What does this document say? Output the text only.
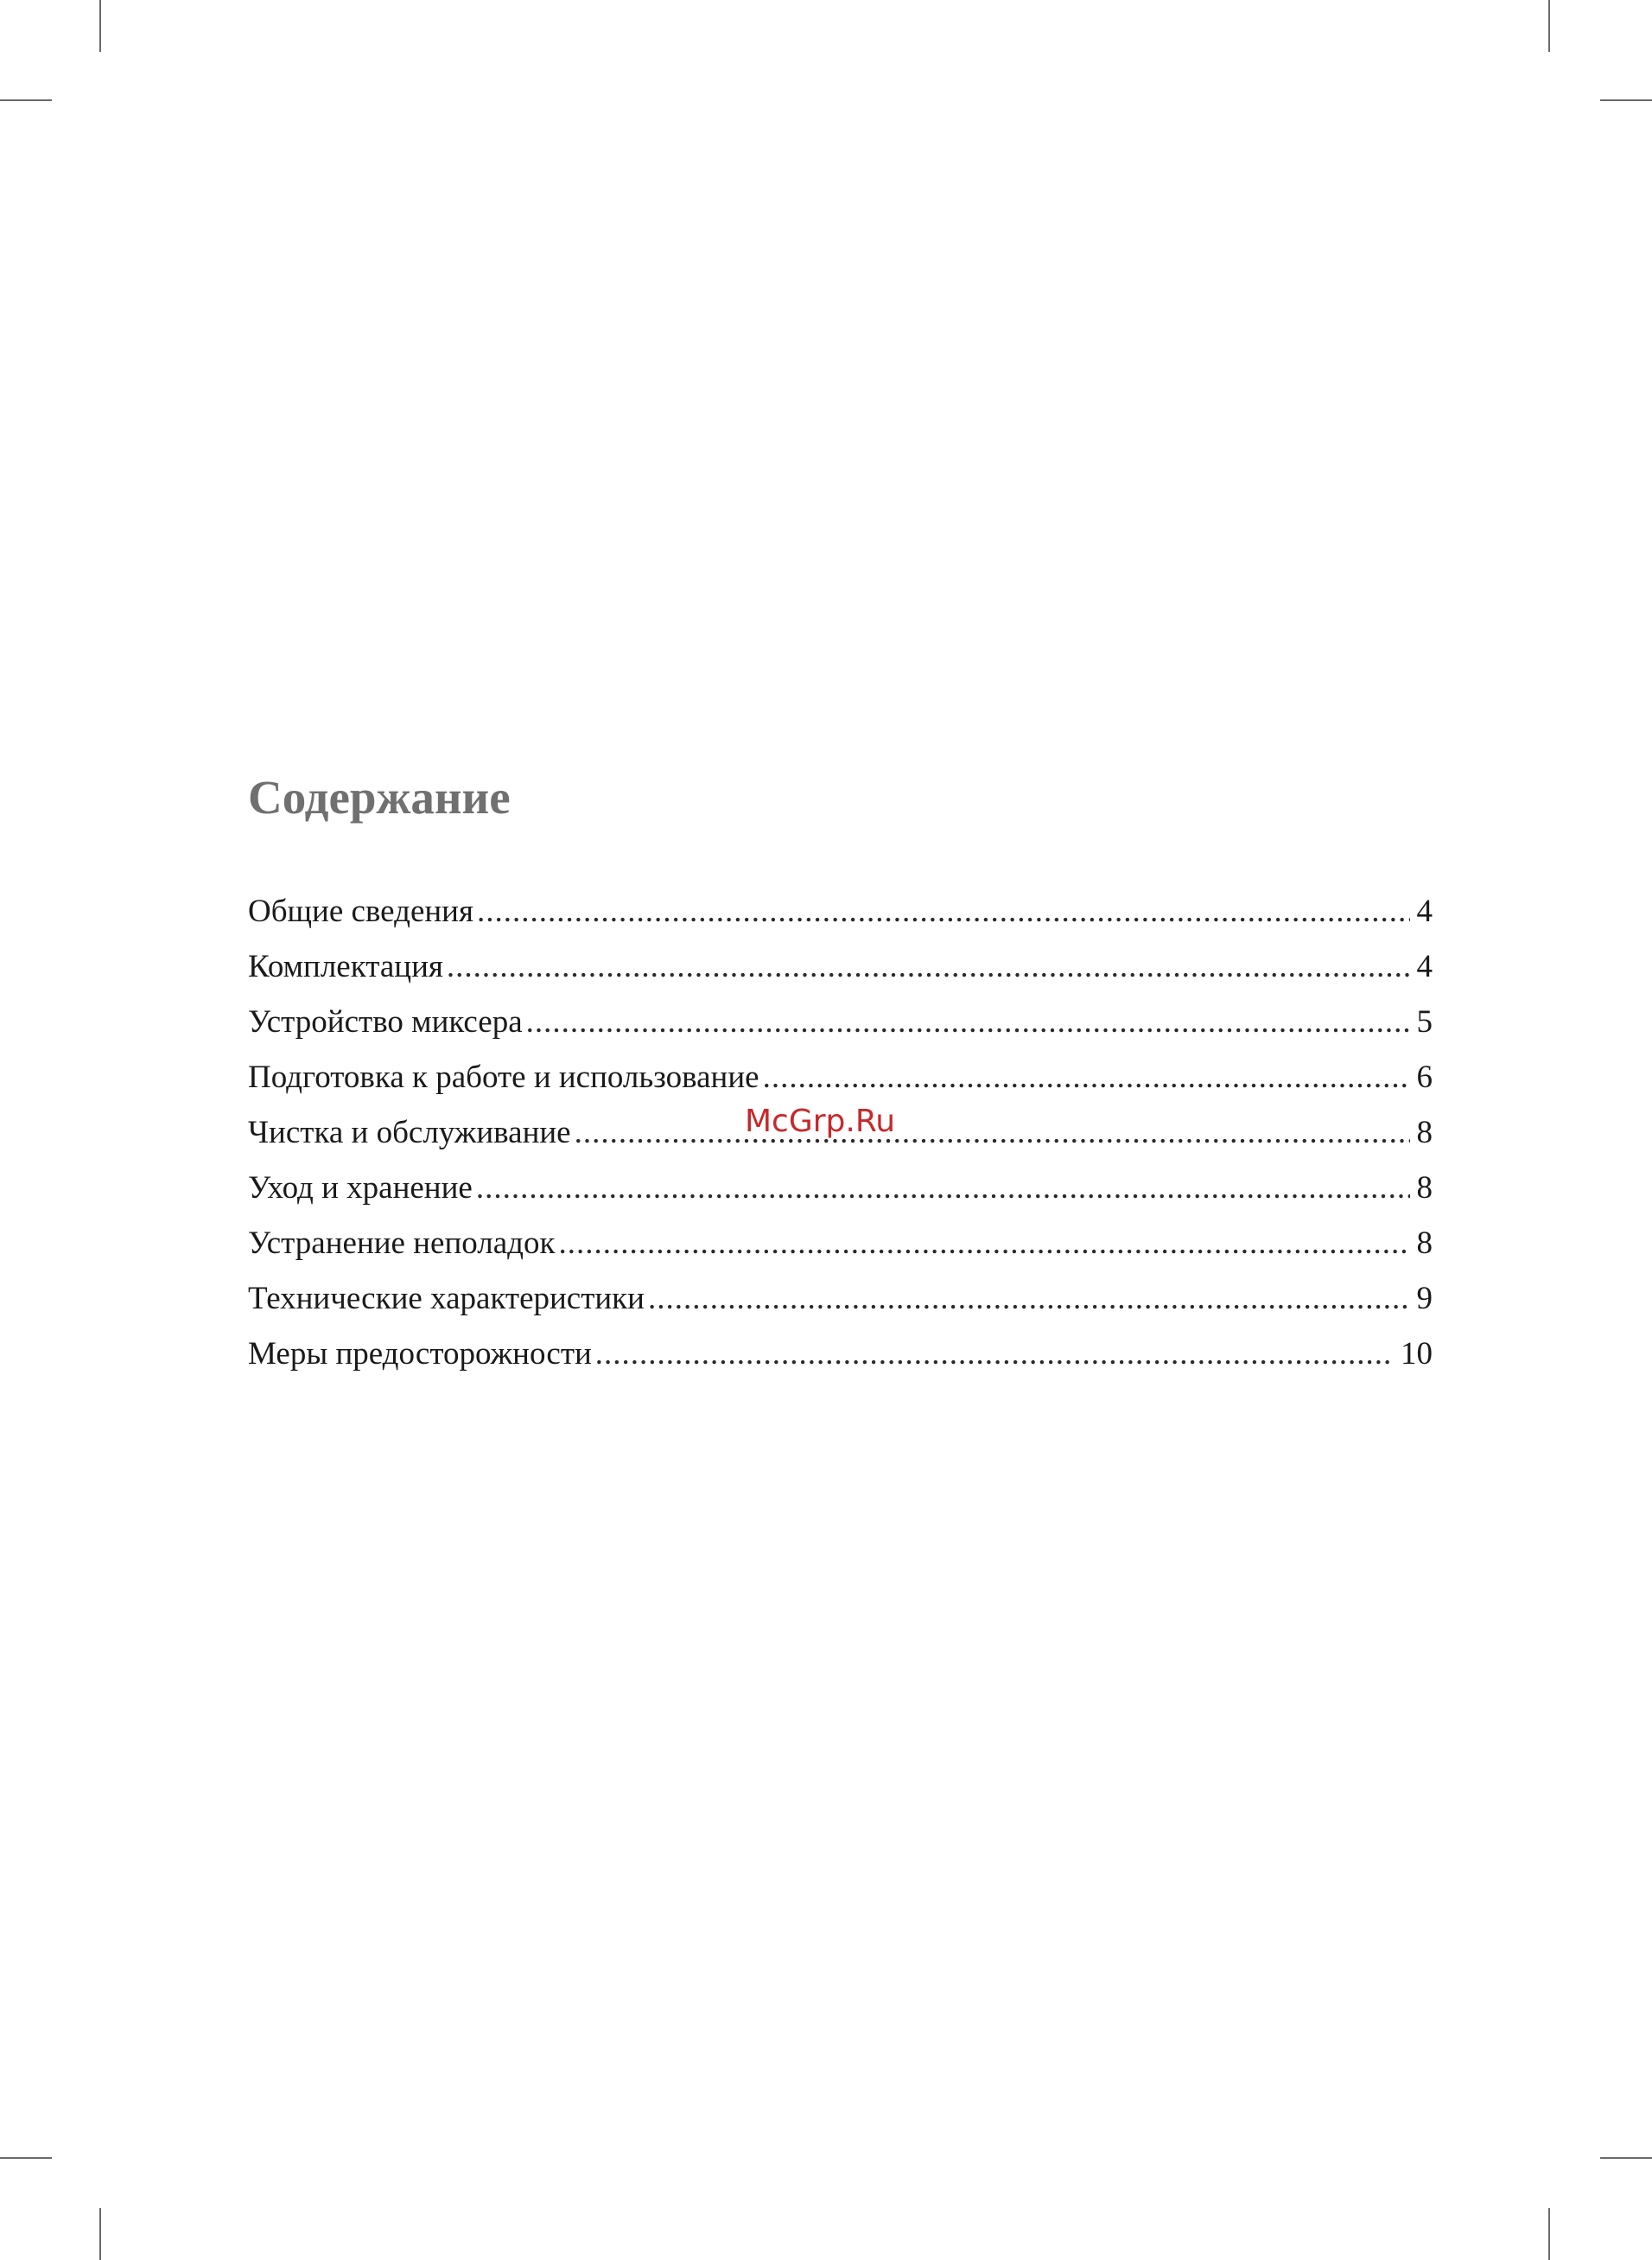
Содержание
Общие сведения .....	4
Комплектация .....	4
Устройство миксера .....	5
Подготовка к работе и использование .....	6
Чистка и обслуживание .....	8
Уход и хранение .....	8
Устранение неполадок .....	8
Технические характеристики .....	9
Меры предосторожности .....	10
McGrp.Ru
